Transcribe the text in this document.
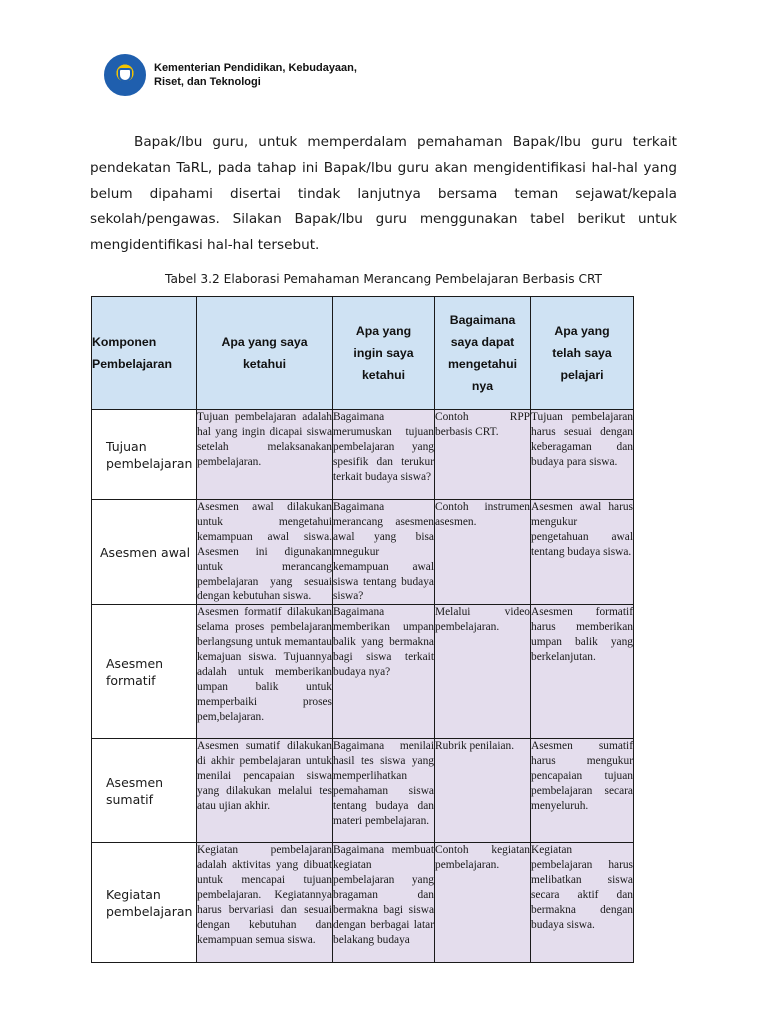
Kementerian Pendidikan, Kebudayaan,
Riset, dan Teknologi

Bapak/Ibu guru, untuk memperdalam pemahaman Bapak/Ibu guru terkait pendekatan TaRL, pada tahap ini Bapak/Ibu guru akan mengidentifikasi hal-hal yang belum dipahami disertai tindak lanjutnya bersama teman sejawat/kepala sekolah/pengawas. Silakan Bapak/Ibu guru menggunakan tabel berikut untuk mengidentifikasi hal-hal tersebut.

Tabel 3.2 Elaborasi Pemahaman Merancang Pembelajaran Berbasis CRT
Komponen Pembelajaran	Apa yang saya ketahui	Apa yang ingin saya ketahui	Bagaimana saya dapat mengetahui nya	Apa yang telah saya pelajari
Tujuan pembelajaran	Tujuan pembelajaran adalah hal yang ingin dicapai siswa setelah melaksanakan pembelajaran.	Bagaimana merumuskan tujuan pembelajaran yang spesifik dan terukur terkait budaya siswa?	Contoh RPP berbasis CRT.	Tujuan pembelajaran harus sesuai dengan keberagaman dan budaya para siswa.
Asesmen awal	Asesmen awal dilakukan untuk mengetahui kemampuan awal siswa. Asesmen ini digunakan untuk merancang pembelajaran yang sesuai dengan kebutuhan siswa.	Bagaimana merancang asesmen awal yang bisa mnegukur kemampuan awal siswa tentang budaya siswa?	Contoh instrumen asesmen.	Asesmen awal harus mengukur pengetahuan awal tentang budaya siswa.
Asesmen formatif	Asesmen formatif dilakukan selama proses pembelajaran berlangsung untuk memantau kemajuan siswa. Tujuannya adalah untuk memberikan umpan balik untuk memperbaiki proses pem,belajaran.	Bagaimana memberikan umpan balik yang bermakna bagi siswa terkait budaya nya?	Melalui video pembelajaran.	Asesmen formatif harus memberikan umpan balik yang berkelanjutan.
Asesmen sumatif	Asesmen sumatif dilakukan di akhir pembelajaran untuk menilai pencapaian siswa yang dilakukan melalui tes atau ujian akhir.	Bagaimana menilai hasil tes siswa yang memperlihatkan pemahaman siswa tentang budaya dan materi pembelajaran.	Rubrik penilaian.	Asesmen sumatif harus mengukur pencapaian tujuan pembelajaran secara menyeluruh.
Kegiatan pembelajaran	Kegiatan pembelajaran adalah aktivitas yang dibuat untuk mencapai tujuan pembelajaran. Kegiatannya harus bervariasi dan sesuai dengan kebutuhan dan kemampuan semua siswa.	Bagaimana membuat kegiatan pembelajaran yang bragaman dan bermakna bagi siswa dengan berbagai latar belakang budaya	Contoh kegiatan pembelajaran.	Kegiatan pembelajaran harus melibatkan siswa secara aktif dan bermakna dengan budaya siswa.
